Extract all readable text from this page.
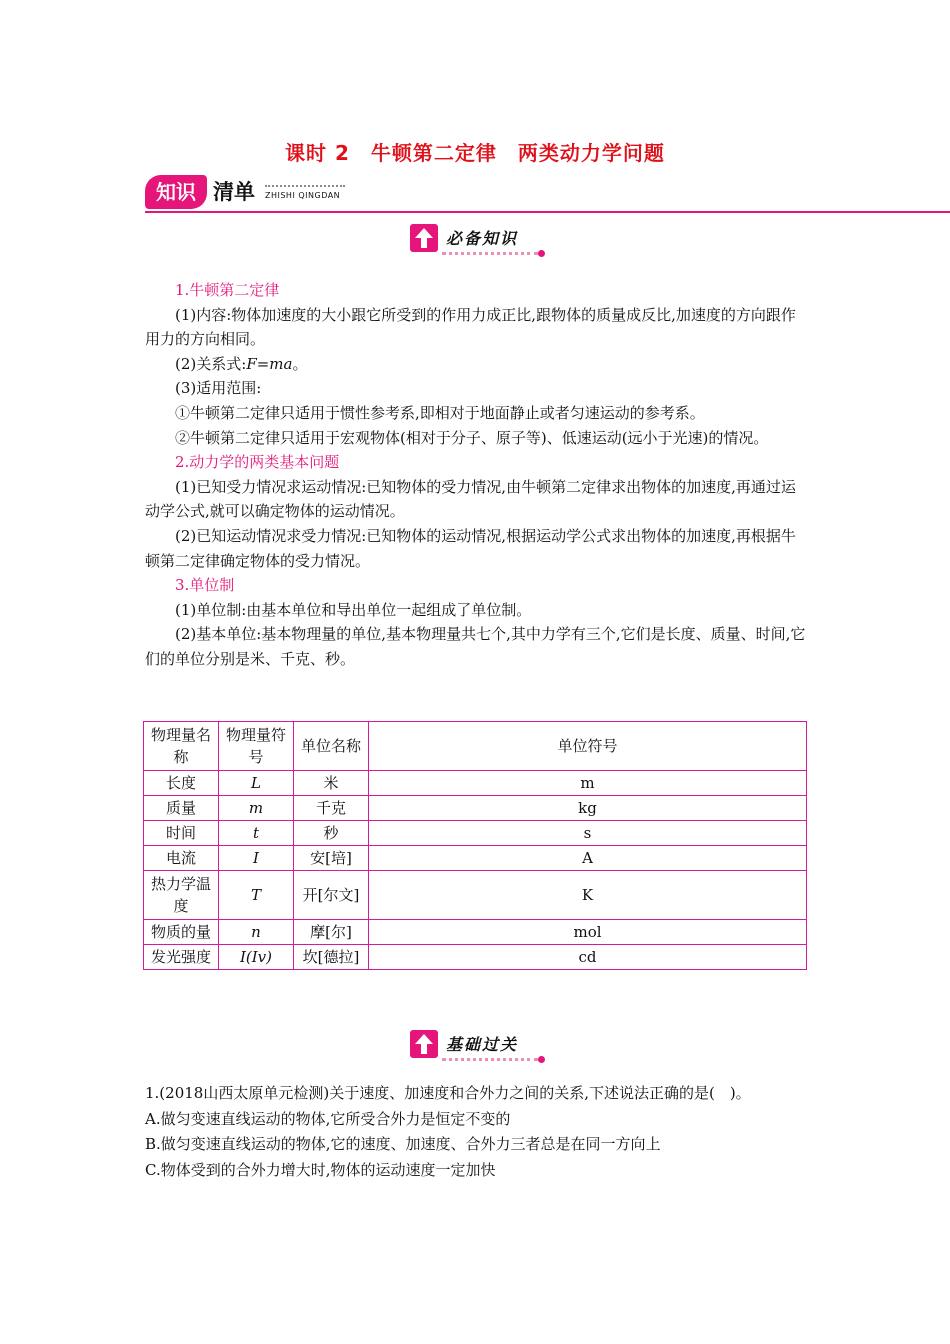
课时 2　牛顿第二定律　两类动力学问题
知识 清单 ZHISHI QINGDAN
必备知识

1.牛顿第二定律

(1)内容:物体加速度的大小跟它所受到的作用力成正比,跟物体的质量成反比,加速度的方向跟作用力的方向相同。

(2)关系式:F=ma。

(3)适用范围:

①牛顿第二定律只适用于惯性参考系,即相对于地面静止或者匀速运动的参考系。

②牛顿第二定律只适用于宏观物体(相对于分子、原子等)、低速运动(远小于光速)的情况。

2.动力学的两类基本问题

(1)已知受力情况求运动情况:已知物体的受力情况,由牛顿第二定律求出物体的加速度,再通过运动学公式,就可以确定物体的运动情况。

(2)已知运动情况求受力情况:已知物体的运动情况,根据运动学公式求出物体的加速度,再根据牛顿第二定律确定物体的受力情况。

3.单位制

(1)单位制:由基本单位和导出单位一起组成了单位制。

(2)基本单位:基本物理量的单位,基本物理量共七个,其中力学有三个,它们是长度、质量、时间,它们的单位分别是米、千克、秒。

物理量名称	物理量符号	单位名称	单位符号
长度	L	米	m
质量	m	千克	kg
时间	t	秒	s
电流	I	安[培]	A
热力学温度	T	开[尔文]	K
物质的量	n	摩[尔]	mol
发光强度	I(Iv)	坎[德拉]	cd
基础过关

1.(2018山西太原单元检测)关于速度、加速度和合外力之间的关系,下述说法正确的是(　)。

A.做匀变速直线运动的物体,它所受合外力是恒定不变的

B.做匀变速直线运动的物体,它的速度、加速度、合外力三者总是在同一方向上

C.物体受到的合外力增大时,物体的运动速度一定加快
